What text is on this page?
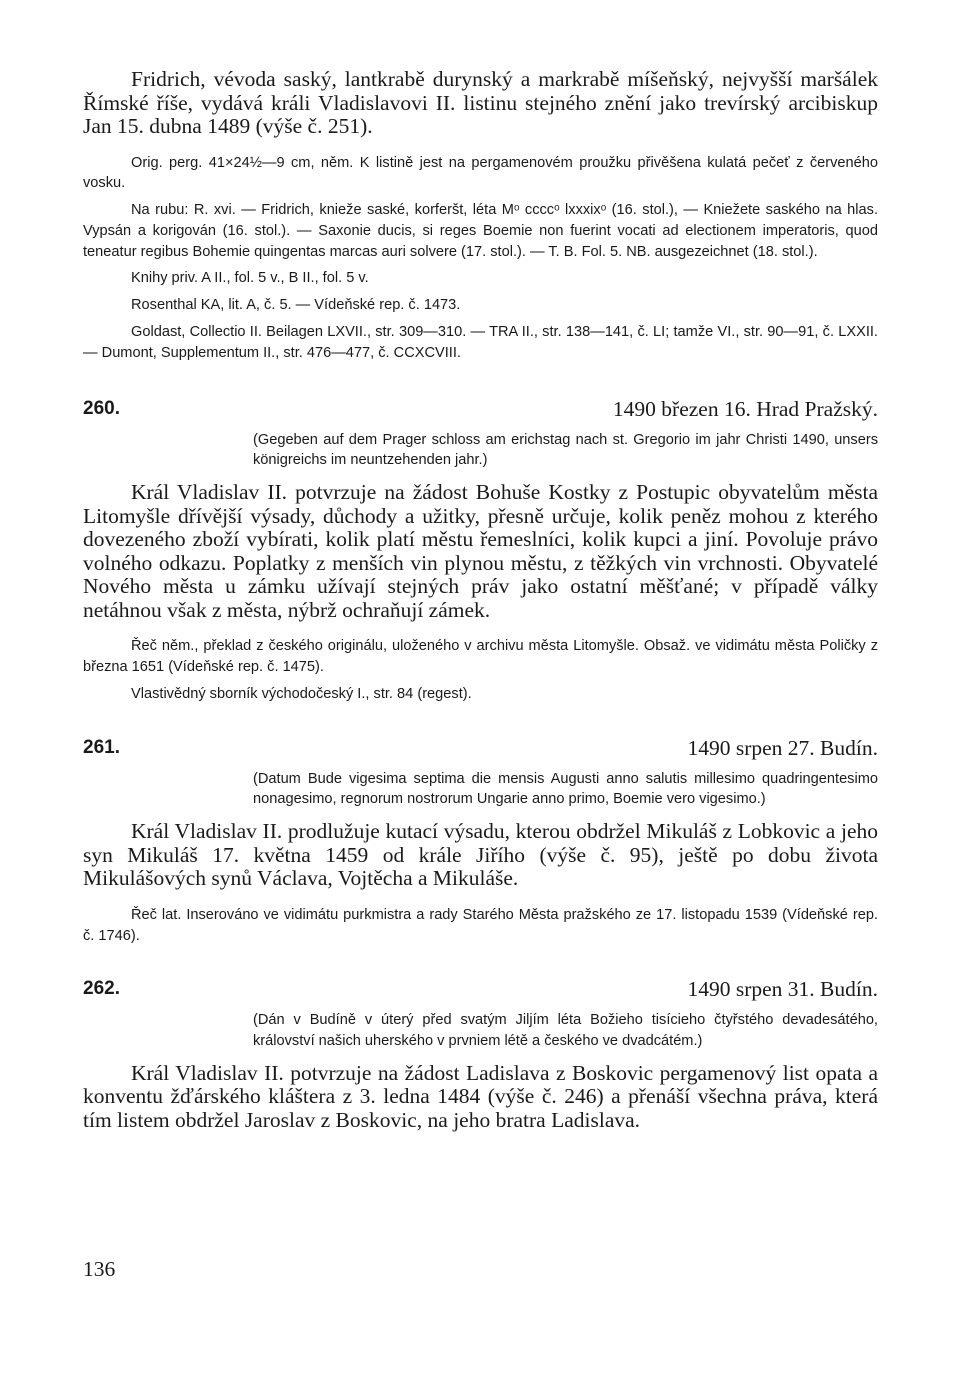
Fridrich, vévoda saský, lantkrabě durynský a markrabě míšeňský, nejvyšší maršálek Římské říše, vydává králi Vladislavovi II. listinu stejného znění jako trevírský arcibiskup Jan 15. dubna 1489 (výše č. 251).

Orig. perg. 41×24½—9 cm, něm. K listině jest na pergamenovém proužku přivěšena kulatá pečeť z červeného vosku.

Na rubu: R. xvi. — Fridrich, knieže saské, korferšt, léta Mᵒ ccccᵒ lxxxixᵒ (16. stol.), — Kniežete saského na hlas. Vypsán a korigován (16. stol.). — Saxonie ducis, si reges Boemie non fuerint vocati ad electionem imperatoris, quod teneatur regibus Bohemie quingentas marcas auri solvere (17. stol.). — T. B. Fol. 5. NB. ausgezeichnet (18. stol.).

Knihy priv. A II., fol. 5 v., B II., fol. 5 v.

Rosenthal KA, lit. A, č. 5. — Vídeňské rep. č. 1473.

Goldast, Collectio II. Beilagen LXVII., str. 309—310. — TRA II., str. 138—141, č. LI; tamže VI., str. 90—91, č. LXXII. — Dumont, Supplementum II., str. 476—477, č. CCXCVIII.

260.	1490 březen 16. Hrad Pražský.

(Gegeben auf dem Prager schloss am erichstag nach st. Gregorio im jahr Christi 1490, unsers königreichs im neuntzehenden jahr.)

Král Vladislav II. potvrzuje na žádost Bohuše Kostky z Postupic obyvatelům města Litomyšle dřívější výsady, důchody a užitky, přesně určuje, kolik peněz mohou z kterého dovezeného zboží vybírati, kolik platí městu řemeslníci, kolik kupci a jiní. Povoluje právo volného odkazu. Poplatky z menších vin plynou městu, z těžkých vin vrchnosti. Obyvatelé Nového města u zámku užívají stejných práv jako ostatní měšťané; v případě války netáhnou však z města, nýbrž ochraňují zámek.

Řeč něm., překlad z českého originálu, uloženého v archivu města Litomyšle. Obsaž. ve vidimátu města Poličky z března 1651 (Vídeňské rep. č. 1475).

Vlastivědný sborník východočeský I., str. 84 (regest).

261.	1490 srpen 27. Budín.

(Datum Bude vigesima septima die mensis Augusti anno salutis millesimo quadringentesimo nonagesimo, regnorum nostrorum Ungarie anno primo, Boemie vero vigesimo.)

Král Vladislav II. prodlužuje kutací výsadu, kterou obdržel Mikuláš z Lobkovic a jeho syn Mikuláš 17. května 1459 od krále Jiřího (výše č. 95), ještě po dobu života Mikulášových synů Václava, Vojtěcha a Mikuláše.

Řeč lat. Inserováno ve vidimátu purkmistra a rady Starého Města pražského ze 17. listopadu 1539 (Vídeňské rep. č. 1746).

262.	1490 srpen 31. Budín.

(Dán v Budíně v úterý před svatým Jiljím léta Božieho tisícieho čtyřstého devadesátého, království našich uherského v prvniem létě a českého ve dvadcátém.)

Král Vladislav II. potvrzuje na žádost Ladislava z Boskovic pergamenový list opata a konventu žďárského kláštera z 3. ledna 1484 (výše č. 246) a přenáší všechna práva, která tím listem obdržel Jaroslav z Boskovic, na jeho bratra Ladislava.

136
